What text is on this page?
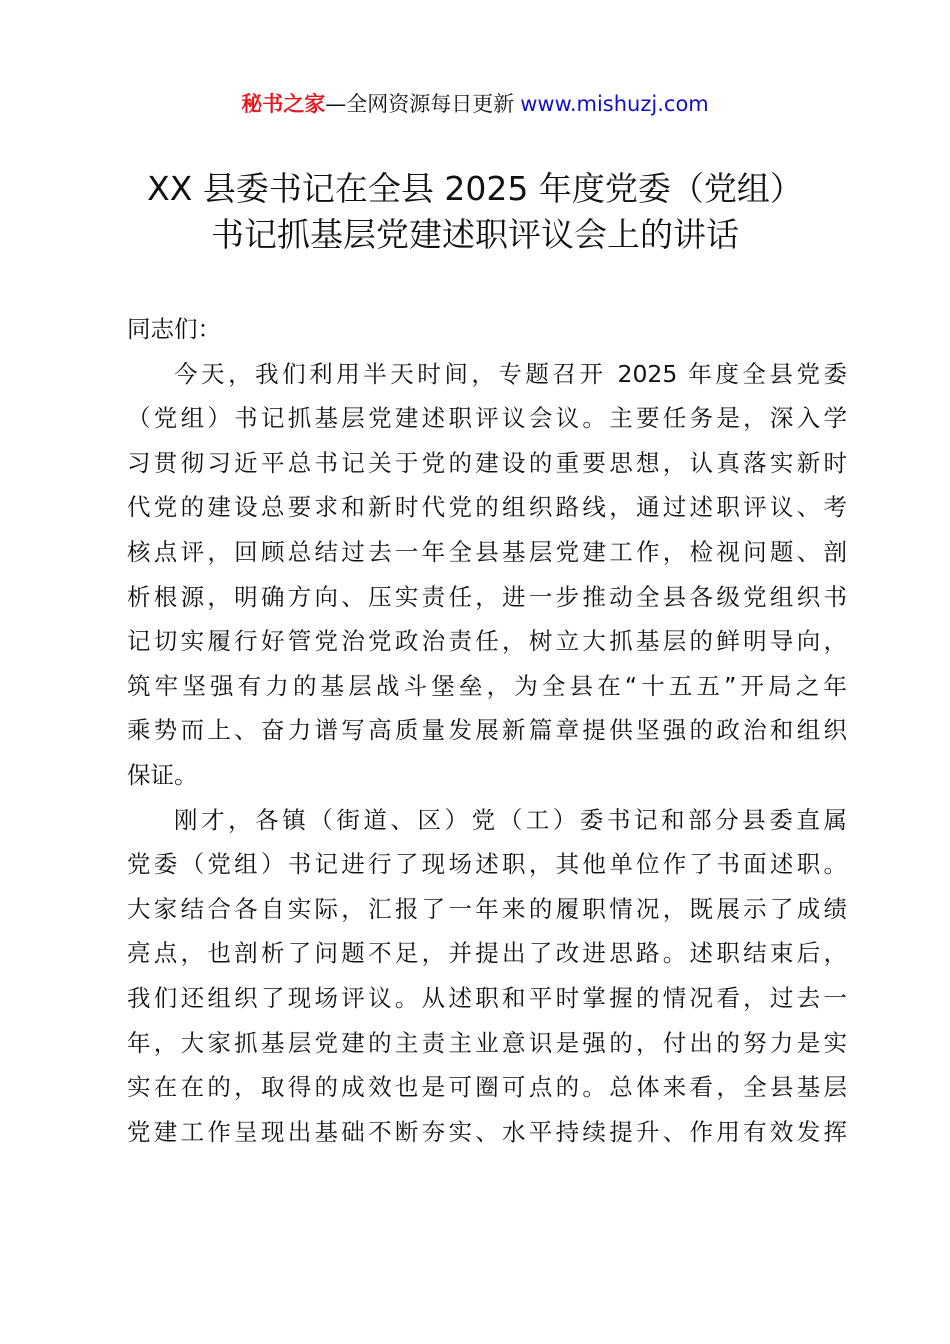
秘书之家—全网资源每日更新 www.mishuzj.com
XX 县委书记在全县 2025 年度党委（党组）
书记抓基层党建述职评议会上的讲话
同志们：
今天，我们利用半天时间，专题召开 2025 年度全县党委
（党组）书记抓基层党建述职评议会议。主要任务是，深入学
习贯彻习近平总书记关于党的建设的重要思想，认真落实新时
代党的建设总要求和新时代党的组织路线，通过述职评议、考
核点评，回顾总结过去一年全县基层党建工作，检视问题、剖
析根源，明确方向、压实责任，进一步推动全县各级党组织书
记切实履行好管党治党政治责任，树立大抓基层的鲜明导向，
筑牢坚强有力的基层战斗堡垒，为全县在“十五五”开局之年
乘势而上、奋力谱写高质量发展新篇章提供坚强的政治和组织
保证。
刚才，各镇（街道、区）党（工）委书记和部分县委直属
党委（党组）书记进行了现场述职，其他单位作了书面述职。
大家结合各自实际，汇报了一年来的履职情况，既展示了成绩
亮点，也剖析了问题不足，并提出了改进思路。述职结束后，
我们还组织了现场评议。从述职和平时掌握的情况看，过去一
年，大家抓基层党建的主责主业意识是强的，付出的努力是实
实在在的，取得的成效也是可圈可点的。总体来看，全县基层
党建工作呈现出基础不断夯实、水平持续提升、作用有效发挥
